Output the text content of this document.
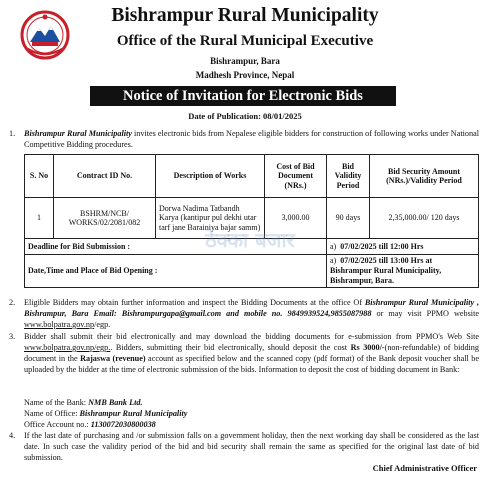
Bishrampur Rural Municipality
Office of the Rural Municipal Executive
Bishrampur, Bara
Madhesh Province, Nepal
Notice of Invitation for Electronic Bids
Date of Publication: 08/01/2025
1. Bishrampur Rural Municipality invites electronic bids from Nepalese eligible bidders for construction of following works under National Competitive Bidding procedures.
S. No	Contract ID No.	Description of Works	Cost of Bid Document (NRs.)	Bid Validity Period	Bid Security Amount (NRs.)/Validity Period
1	BSHRM/NCB/ WORKS/02/2081/082	Dorwa Nadima Tatbandh Karya (kantipur pul dekhi utar tarf jane Barainiya bajar samm)	3,000.00	90 days	2,35,000.00/ 120 days
Deadline for Bid Submission :				a) 07/02/2025 till 12:00 Hrs	
Date,Time and Place of Bid Opening :				a) 07/02/2025 till 13:00 Hrs at Bishrampur Rural Municipality, Bishrampur, Bara.	
ठेक्का बजार
2. Eligible Bidders may obtain further information and inspect the Bidding Documents at the office Of Bishrampur Rural Municipality , Bishrampur, Bara Email: Bishrampurgapa@gmail.com and mobile no. 9849939524,9855087988 or may visit PPMO website www.bolpatra.gov.np/egp.
3. Bidder shall submit their bid electronically and may download the bidding documents for e-submission from PPMO's Web Site www.bolpatra.gov.np/egp.. Bidders, submitting their bid electronically, should deposit the cost Rs 3000/-(non-refundable) of bidding document in the Rajaswa (revenue) account as specified below and the scanned copy (pdf format) of the Bank deposit voucher shall be uploaded by the bidder at the time of electronic submission of the bids. Information to deposit the cost of bidding document in Bank:
Name of the Bank: NMB Bank Ltd.
Name of Office: Bishrampur Rural Municipality
Office Account no.: 1130072030800038
4. If the last date of purchasing and /or submission falls on a government holiday, then the next working day shall be considered as the last date. In such case the validity period of the bid and bid security shall remain the same as specified for the original last date of bid submission.
Chief Administrative Officer
